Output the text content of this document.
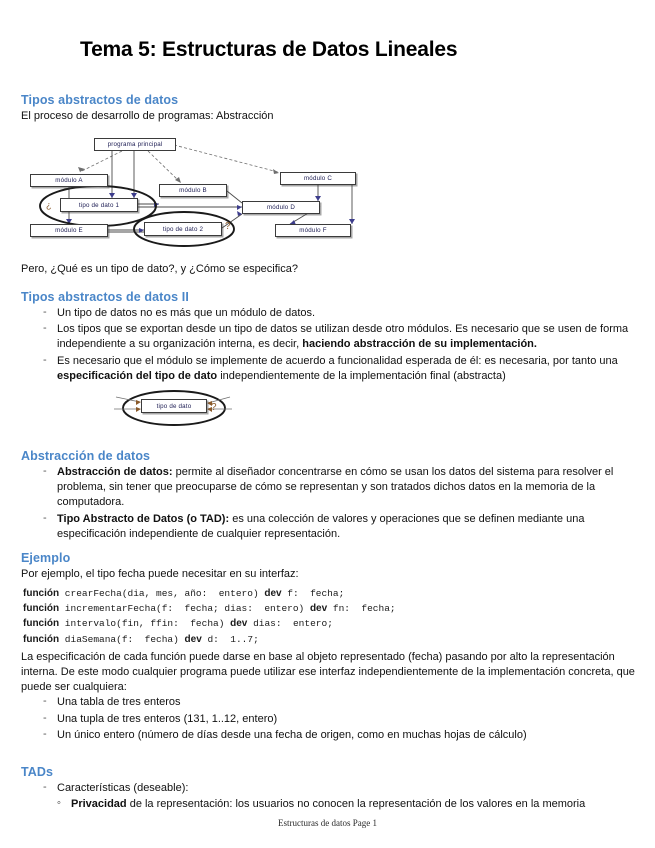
Tema 5: Estructuras de Datos Lineales
Tipos abstractos de datos
El proceso de desarrollo de programas: Abstracción
programa principal
módulo A
módulo B
módulo C
módulo D
módulo E	módulo F
tipo de dato 1
tipo de dato 2	?
¿
Pero, ¿Qué es un tipo de dato?, y ¿Cómo se especifica?
Tipos abstractos de datos II
- Un tipo de datos no es más que un módulo de datos.
- Los tipos que se exportan desde un tipo de datos se utilizan desde otro módulos. Es necesario que se usen de forma independiente a su organización interna, es decir, haciendo abstracción de su implementación.
- Es necesario que el módulo se implemente de acuerdo a funcionalidad esperada de él: es necesaria, por tanto una especificación del tipo de dato independientemente de la implementación final (abstracta)
tipo de dato	?
Abstracción de datos
- Abstracción de datos: permite al diseñador concentrarse en cómo se usan los datos del sistema para resolver el problema, sin tener que preocuparse de cómo se representan y son tratados dichos datos en la memoria de la computadora.
- Tipo Abstracto de Datos (o TAD): es una colección de valores y operaciones que se definen mediante una especificación independiente de cualquier representación.
Ejemplo
Por ejemplo, el tipo fecha puede necesitar en su interfaz:
función crearFecha(dia, mes, año:  entero) dev f:  fecha;
función incrementarFecha(f:  fecha; dias:  entero) dev fn:  fecha;
función intervalo(fin, ffin:  fecha) dev dias:  entero;
función diaSemana(f:  fecha) dev d:  1..7;
La especificación de cada función puede darse en base al objeto representado (fecha) pasando por alto la representación interna. De este modo cualquier programa puede utilizar ese interfaz independientemente de la implementación concreta, que puede ser cualquiera:
- Una tabla de tres enteros
- Una tupla de tres enteros (131, 1..12, entero)
- Un único entero (número de días desde una fecha de origen, como en muchas hojas de cálculo)
TADs
- Características (deseable):
◦ Privacidad de la representación: los usuarios no conocen la representación de los valores en la memoria
Estructuras de datos Page 1
